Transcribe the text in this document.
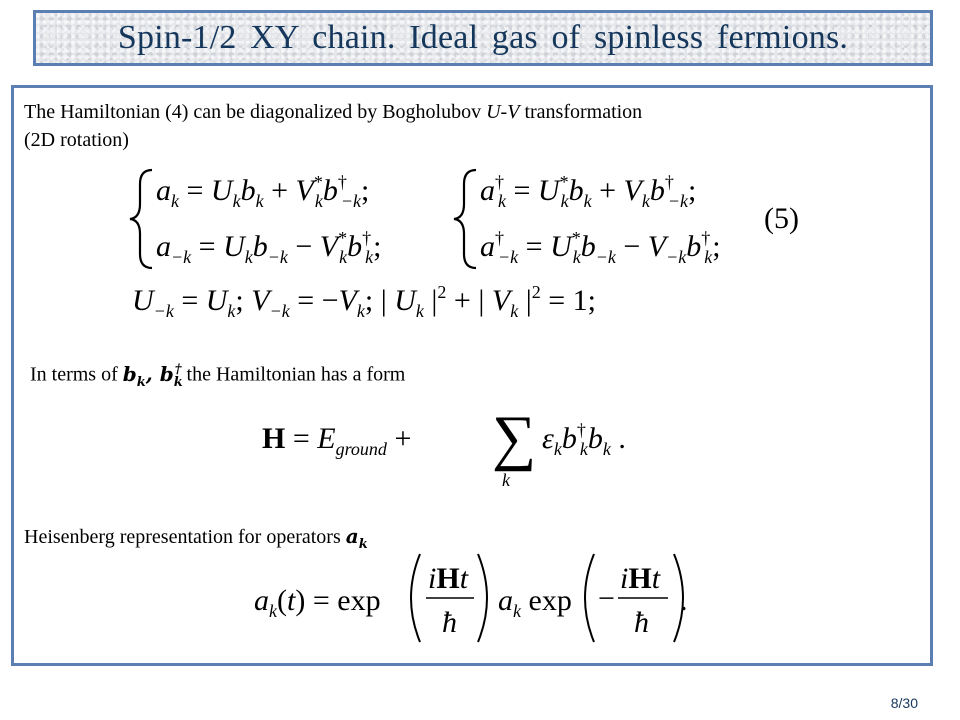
Spin-1/2 XY chain. Ideal gas of spinless fermions.

The Hamiltonian (4) can be diagonalized by Bogholubov U-V transformation

(2D rotation)

$a_k = U_kb_k + V^*$ kb† −k;
$a_{-k} = U_kb_{-k} - V^*$ kb† k;
a† k = U* $kb_k + V_kb^\dagger -k$;
a† −k = U* $kb_{-k} - V_{-k}b^\dagger$ k;
(5)
$U_{-k} = U_k$; $V_{-k} = -V_k$; | $U_k$ $|^2$ + | $V_k$ $|^2 = 1$;
$H = E_{ground}$ + ∑
k
$\varepsilon_kb^\dagger$ $kb_k$ .
$a_k(t) = \exp$
iHt
ħ
$a_k$ exp −
iHt
ħ
.

In terms of $b_k$, $b_k^\dagger$ the Hamiltonian has a form

Heisenberg representation for operators $a_k$

8/30
